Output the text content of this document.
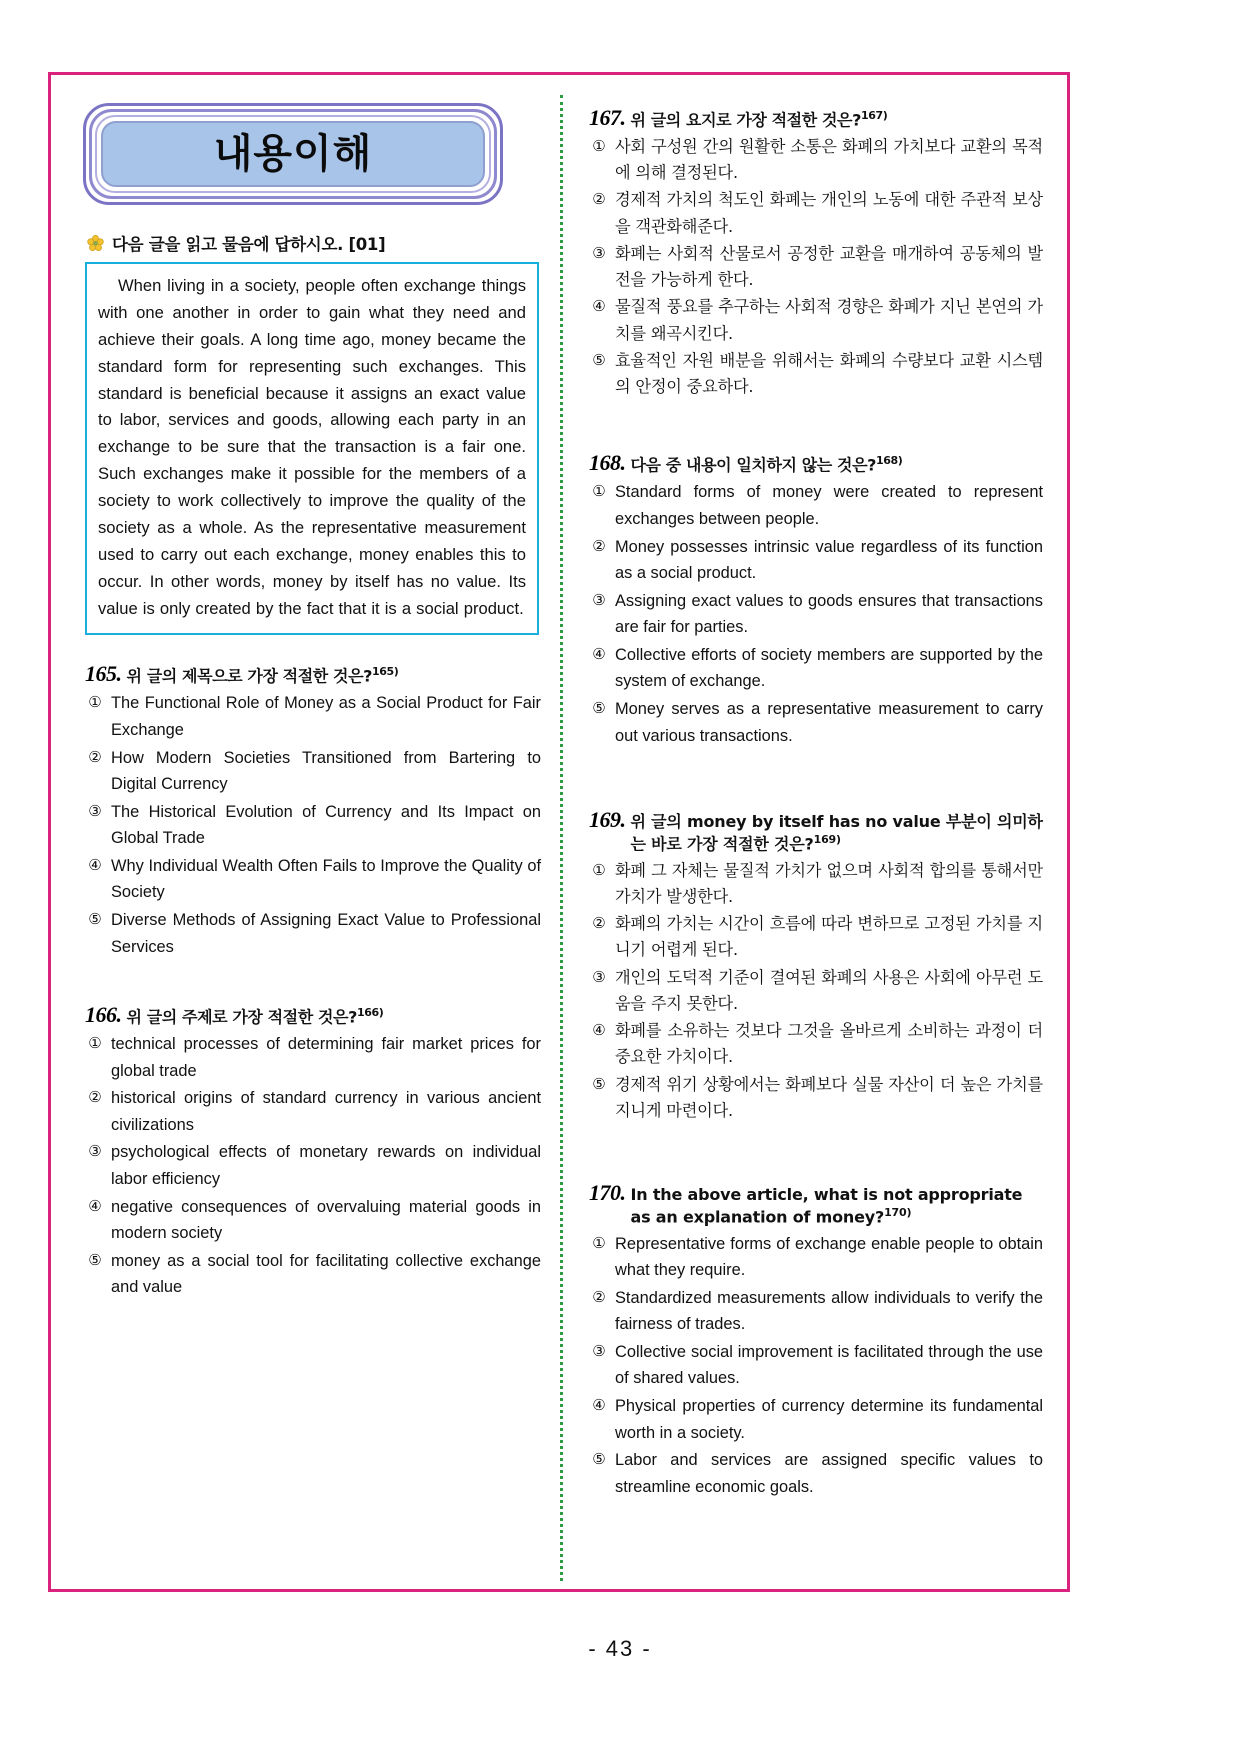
내용이해
다음 글을 읽고 물음에 답하시오. [01]

When living in a society, people often exchange things with one another in order to gain what they need and achieve their goals. A long time ago, money became the standard form for representing such exchanges. This standard is beneficial because it assigns an exact value to labor, services and goods, allowing each party in an exchange to be sure that the transaction is a fair one. Such exchanges make it possible for the members of a society to work collectively to improve the quality of the society as a whole. As the representative measurement used to carry out each exchange, money enables this to occur. In other words, money by itself has no value. Its value is only created by the fact that it is a social product.

165. 위 글의 제목으로 가장 적절한 것은?$^{165)}$
① The Functional Role of Money as a Social Product for Fair Exchange
② How Modern Societies Transitioned from Bartering to Digital Currency
③ The Historical Evolution of Currency and Its Impact on Global Trade
④ Why Individual Wealth Often Fails to Improve the Quality of Society
⑤ Diverse Methods of Assigning Exact Value to Professional Services
166. 위 글의 주제로 가장 적절한 것은?$^{166)}$
① technical processes of determining fair market prices for global trade
② historical origins of standard currency in various ancient civilizations
③ psychological effects of monetary rewards on individual labor efficiency
④ negative consequences of overvaluing material goods in modern society
⑤ money as a social tool for facilitating collective exchange and value
167. 위 글의 요지로 가장 적절한 것은?$^{167)}$
① 사회 구성원 간의 원활한 소통은 화폐의 가치보다 교환의 목적에 의해 결정된다.
② 경제적 가치의 척도인 화폐는 개인의 노동에 대한 주관적 보상을 객관화해준다.
③ 화폐는 사회적 산물로서 공정한 교환을 매개하여 공동체의 발전을 가능하게 한다.
④ 물질적 풍요를 추구하는 사회적 경향은 화폐가 지닌 본연의 가치를 왜곡시킨다.
⑤ 효율적인 자원 배분을 위해서는 화폐의 수량보다 교환 시스템의 안정이 중요하다.
168. 다음 중 내용이 일치하지 않는 것은?$^{168)}$
① Standard forms of money were created to represent exchanges between people.
② Money possesses intrinsic value regardless of its function as a social product.
③ Assigning exact values to goods ensures that transactions are fair for parties.
④ Collective efforts of society members are supported by the system of exchange.
⑤ Money serves as a representative measurement to carry out various transactions.
169. 위 글의 money by itself has no value 부분이 의미하는 바로 가장 적절한 것은?$^{169)}$
① 화폐 그 자체는 물질적 가치가 없으며 사회적 합의를 통해서만 가치가 발생한다.
② 화폐의 가치는 시간이 흐름에 따라 변하므로 고정된 가치를 지니기 어렵게 된다.
③ 개인의 도덕적 기준이 결여된 화폐의 사용은 사회에 아무런 도움을 주지 못한다.
④ 화폐를 소유하는 것보다 그것을 올바르게 소비하는 과정이 더 중요한 가치이다.
⑤ 경제적 위기 상황에서는 화폐보다 실물 자산이 더 높은 가치를 지니게 마련이다.
170. In the above article, what is not appropriate as an explanation of money?$^{170)}$
① Representative forms of exchange enable people to obtain what they require.
② Standardized measurements allow individuals to verify the fairness of trades.
③ Collective social improvement is facilitated through the use of shared values.
④ Physical properties of currency determine its fundamental worth in a society.
⑤ Labor and services are assigned specific values to streamline economic goals.
- 43 -
